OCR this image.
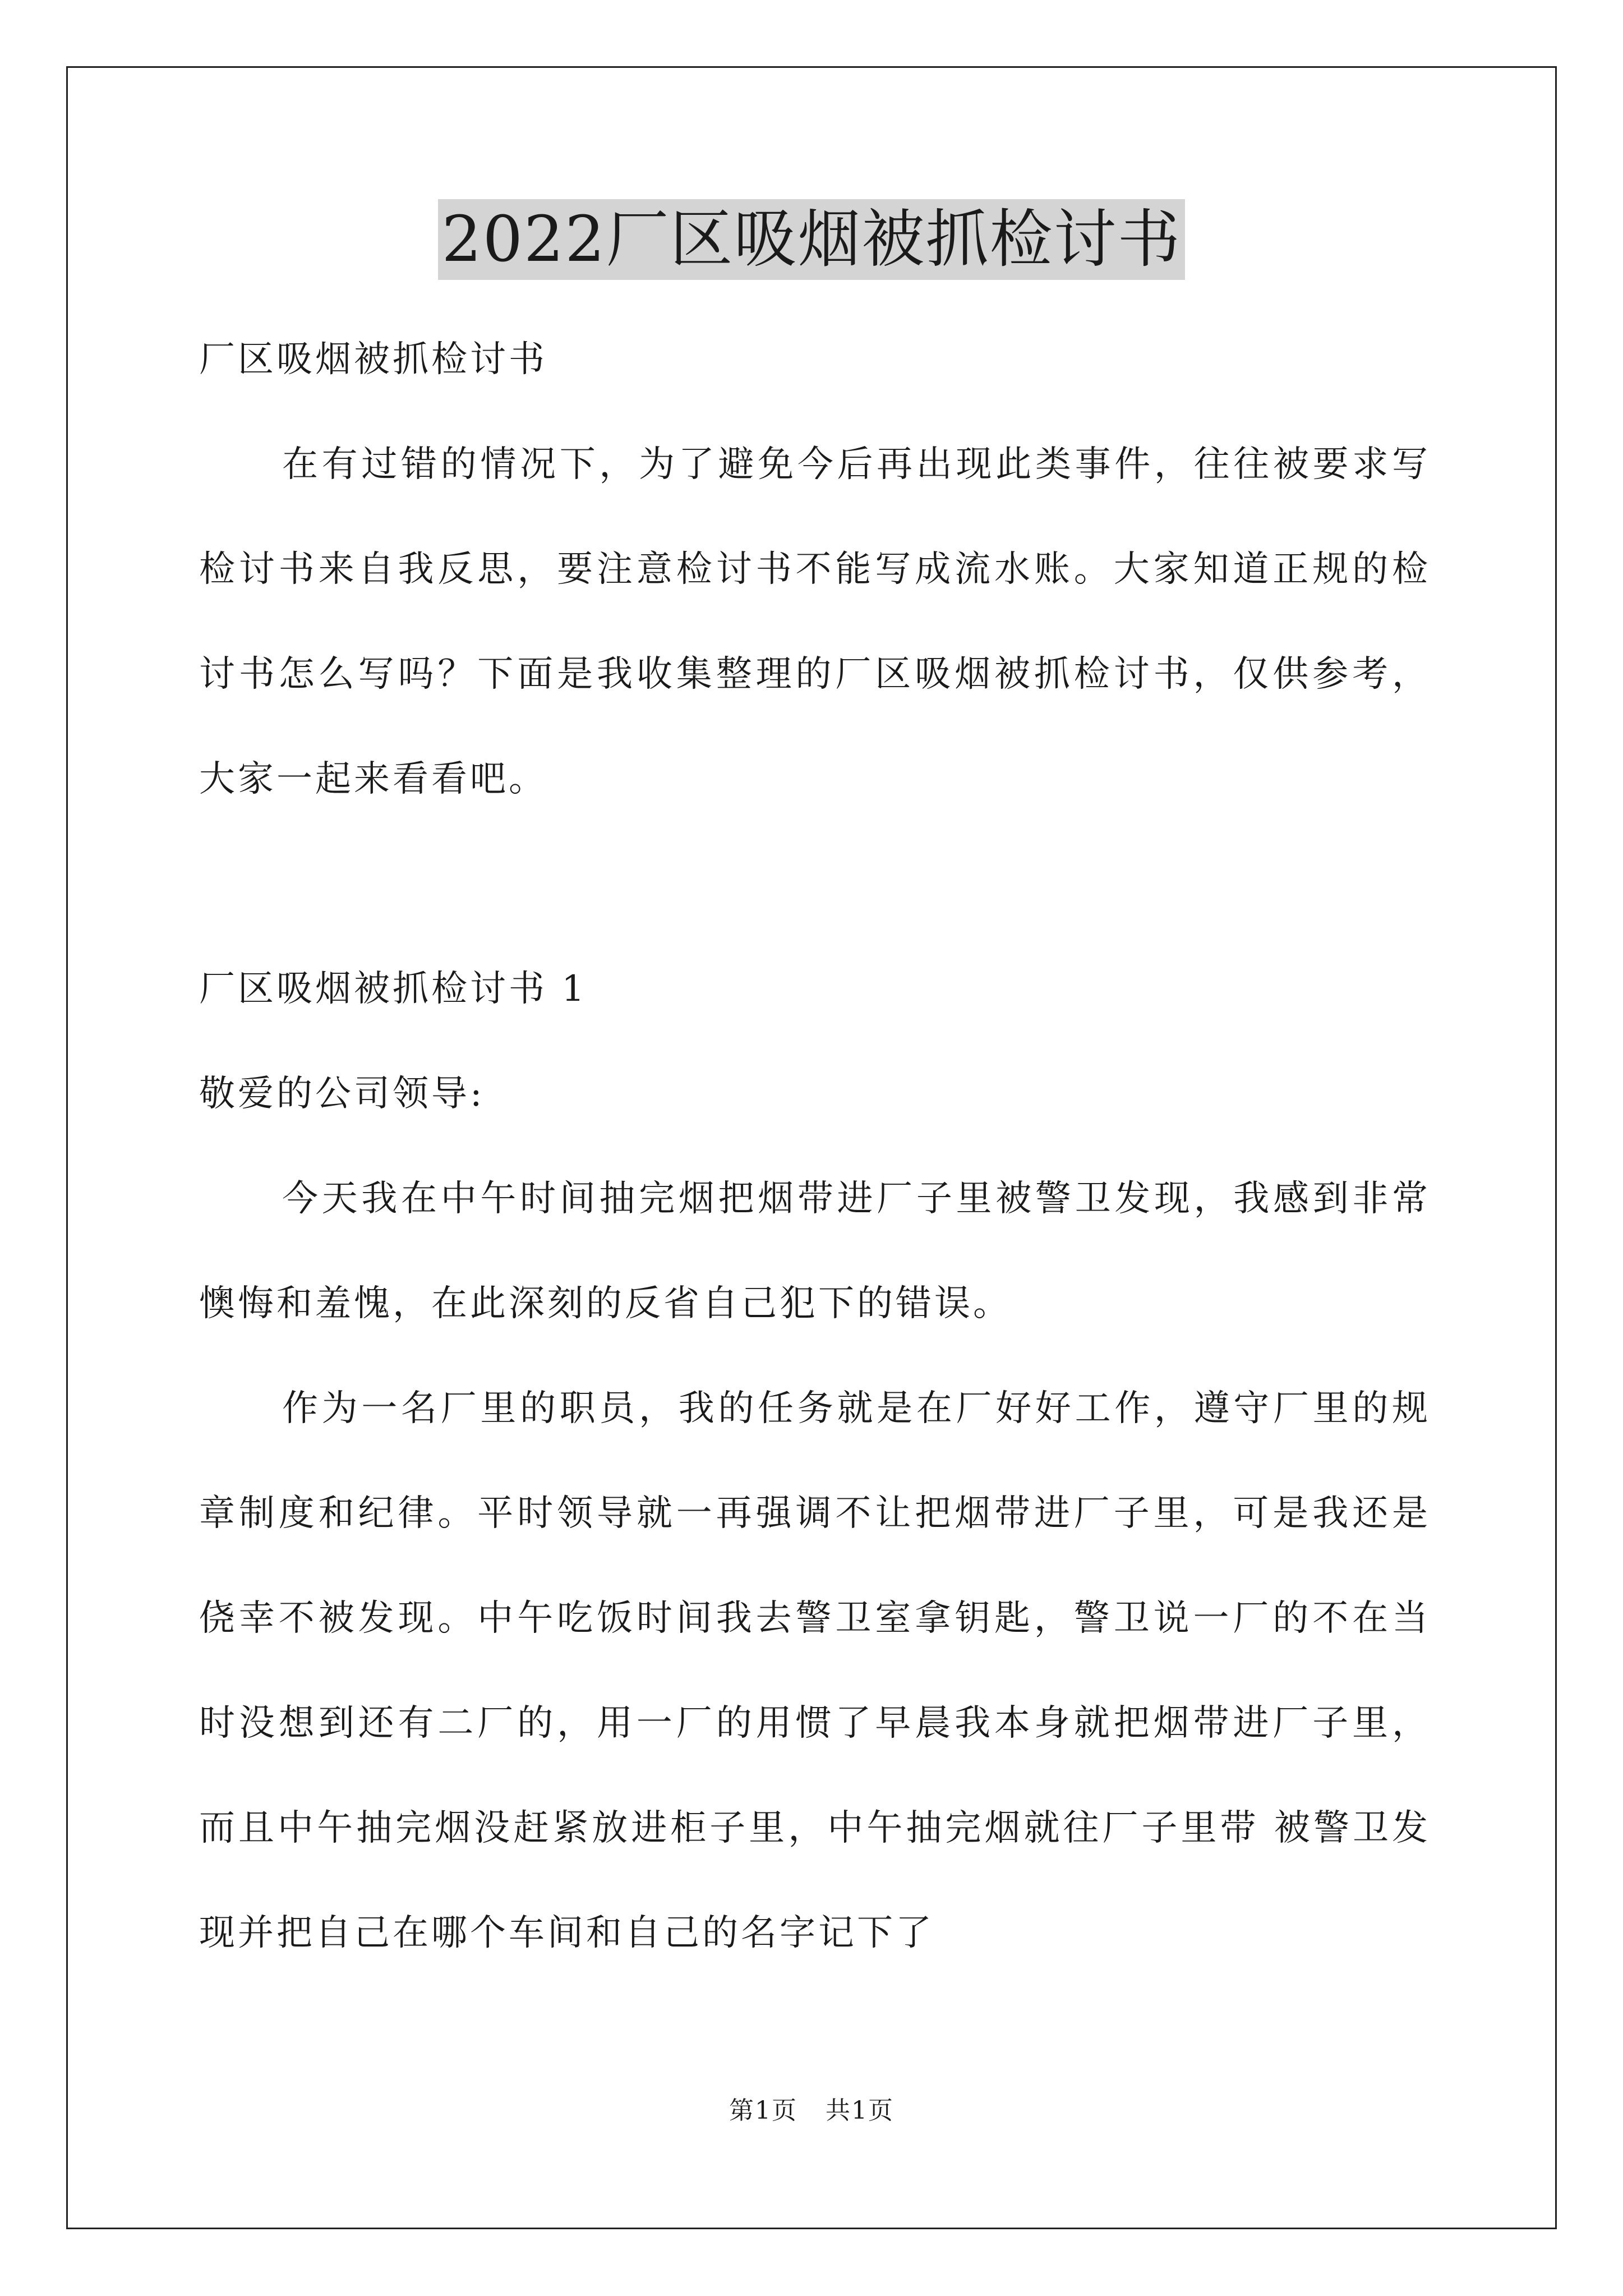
2022厂区吸烟被抓检讨书
厂区吸烟被抓检讨书

在有过错的情况下，为了避免今后再出现此类事件，往往被要求写检讨书来自我反思，要注意检讨书不能写成流水账。大家知道正规的检讨书怎么写吗？下面是我收集整理的厂区吸烟被抓检讨书，仅供参考，大家一起来看看吧。

厂区吸烟被抓检讨书 1
敬爱的公司领导:

今天我在中午时间抽完烟把烟带进厂子里被警卫发现，我感到非常懊悔和羞愧，在此深刻的反省自己犯下的错误。

作为一名厂里的职员，我的任务就是在厂好好工作，遵守厂里的规章制度和纪律。平时领导就一再强调不让把烟带进厂子里，可是我还是侥幸不被发现。中午吃饭时间我去警卫室拿钥匙，警卫说一厂的不在当时没想到还有二厂的，用一厂的用惯了早晨我本身就把烟带进厂子里，而且中午抽完烟没赶紧放进柜子里，中午抽完烟就往厂子里带 被警卫发现并把自己在哪个车间和自己的名字记下了

第1页 共1页
